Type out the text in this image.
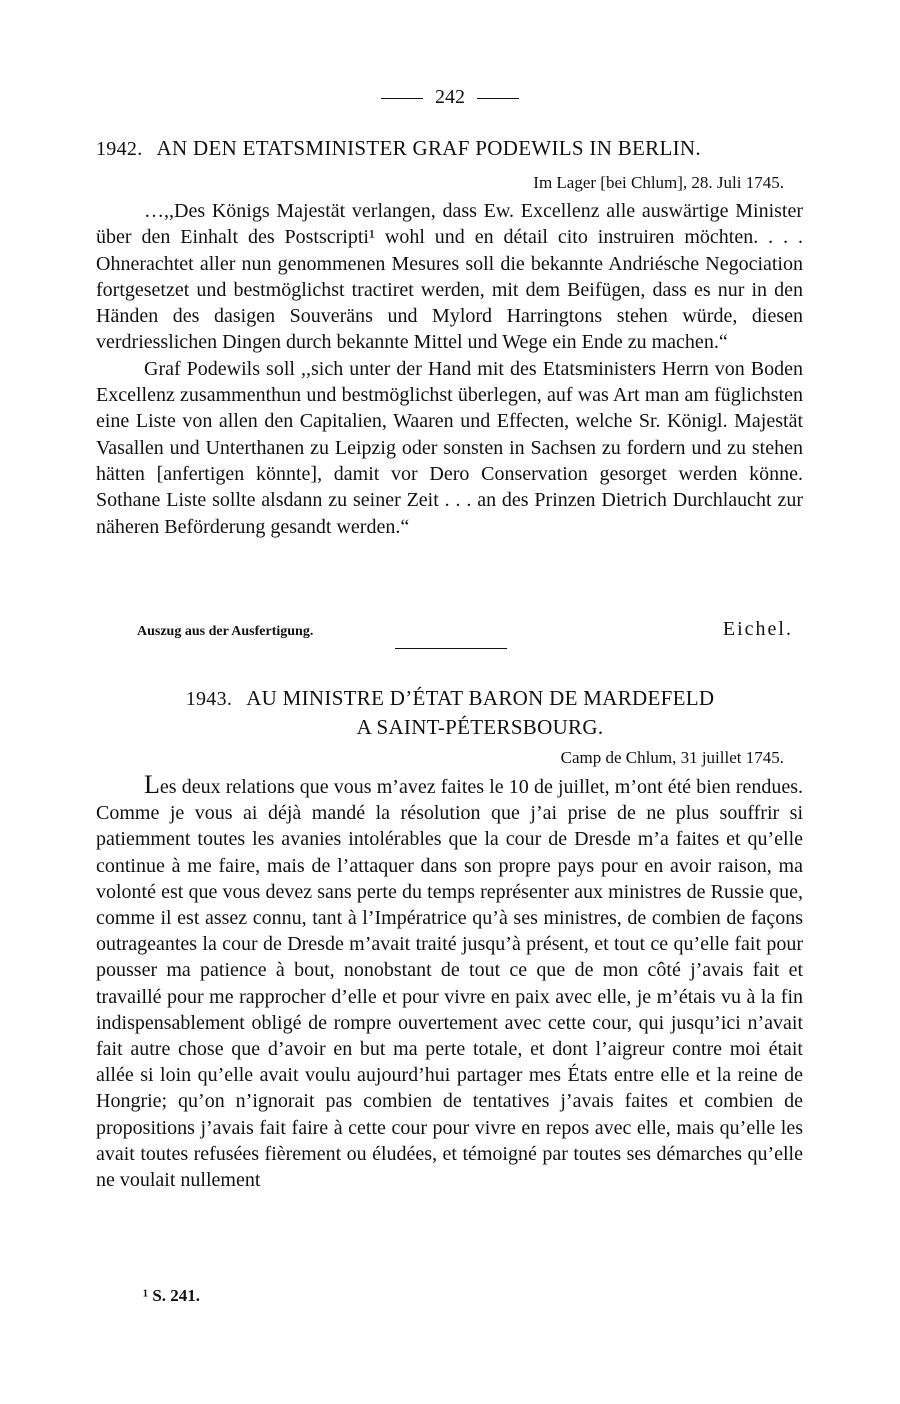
242
1942. AN DEN ETATSMINISTER GRAF PODEWILS IN BERLIN.
Im Lager [bei Chlum], 28. Juli 1745.

…,,Des Königs Majestät verlangen, dass Ew. Excellenz alle auswärtige Minister über den Einhalt des Postscripti¹ wohl und en détail cito instruiren möchten. . . . Ohnerachtet aller nun genommenen Mesures soll die bekannte Andriésche Negociation fortgesetzet und bestmöglichst tractiret werden, mit dem Beifügen, dass es nur in den Händen des dasigen Souveräns und Mylord Harringtons stehen würde, diesen verdriesslichen Dingen durch bekannte Mittel und Wege ein Ende zu machen.“

Graf Podewils soll ,,sich unter der Hand mit des Etatsministers Herrn von Boden Excellenz zusammenthun und bestmöglichst überlegen, auf was Art man am füglichsten eine Liste von allen den Capitalien, Waaren und Effecten, welche Sr. Königl. Majestät Vasallen und Unterthanen zu Leipzig oder sonsten in Sachsen zu fordern und zu stehen hätten [anfertigen könnte], damit vor Dero Conservation gesorget werden könne. Sothane Liste sollte alsdann zu seiner Zeit . . . an des Prinzen Dietrich Durchlaucht zur näheren Beförderung gesandt werden.“

Auszug aus der Ausfertigung.	Eichel.
1943. AU MINISTRE D’ÉTAT BARON DE MARDEFELD
A SAINT-PÉTERSBOURG.
Camp de Chlum, 31 juillet 1745.

Les deux relations que vous m’avez faites le 10 de juillet, m’ont été bien rendues. Comme je vous ai déjà mandé la résolution que j’ai prise de ne plus souffrir si patiemment toutes les avanies intolérables que la cour de Dresde m’a faites et qu’elle continue à me faire, mais de l’attaquer dans son propre pays pour en avoir raison, ma volonté est que vous devez sans perte du temps représenter aux ministres de Russie que, comme il est assez connu, tant à l’Impératrice qu’à ses ministres, de combien de façons outrageantes la cour de Dresde m’avait traité jusqu’à présent, et tout ce qu’elle fait pour pousser ma patience à bout, nonobstant de tout ce que de mon côté j’avais fait et travaillé pour me rapprocher d’elle et pour vivre en paix avec elle, je m’étais vu à la fin indispensablement obligé de rompre ouvertement avec cette cour, qui jusqu’ici n’avait fait autre chose que d’avoir en but ma perte totale, et dont l’aigreur contre moi était allée si loin qu’elle avait voulu aujourd’hui partager mes États entre elle et la reine de Hongrie; qu’on n’ignorait pas combien de tentatives j’avais faites et combien de propositions j’avais fait faire à cette cour pour vivre en repos avec elle, mais qu’elle les avait toutes refusées fièrement ou éludées, et témoigné par toutes ses démarches qu’elle ne voulait nullement

¹ S. 241.
